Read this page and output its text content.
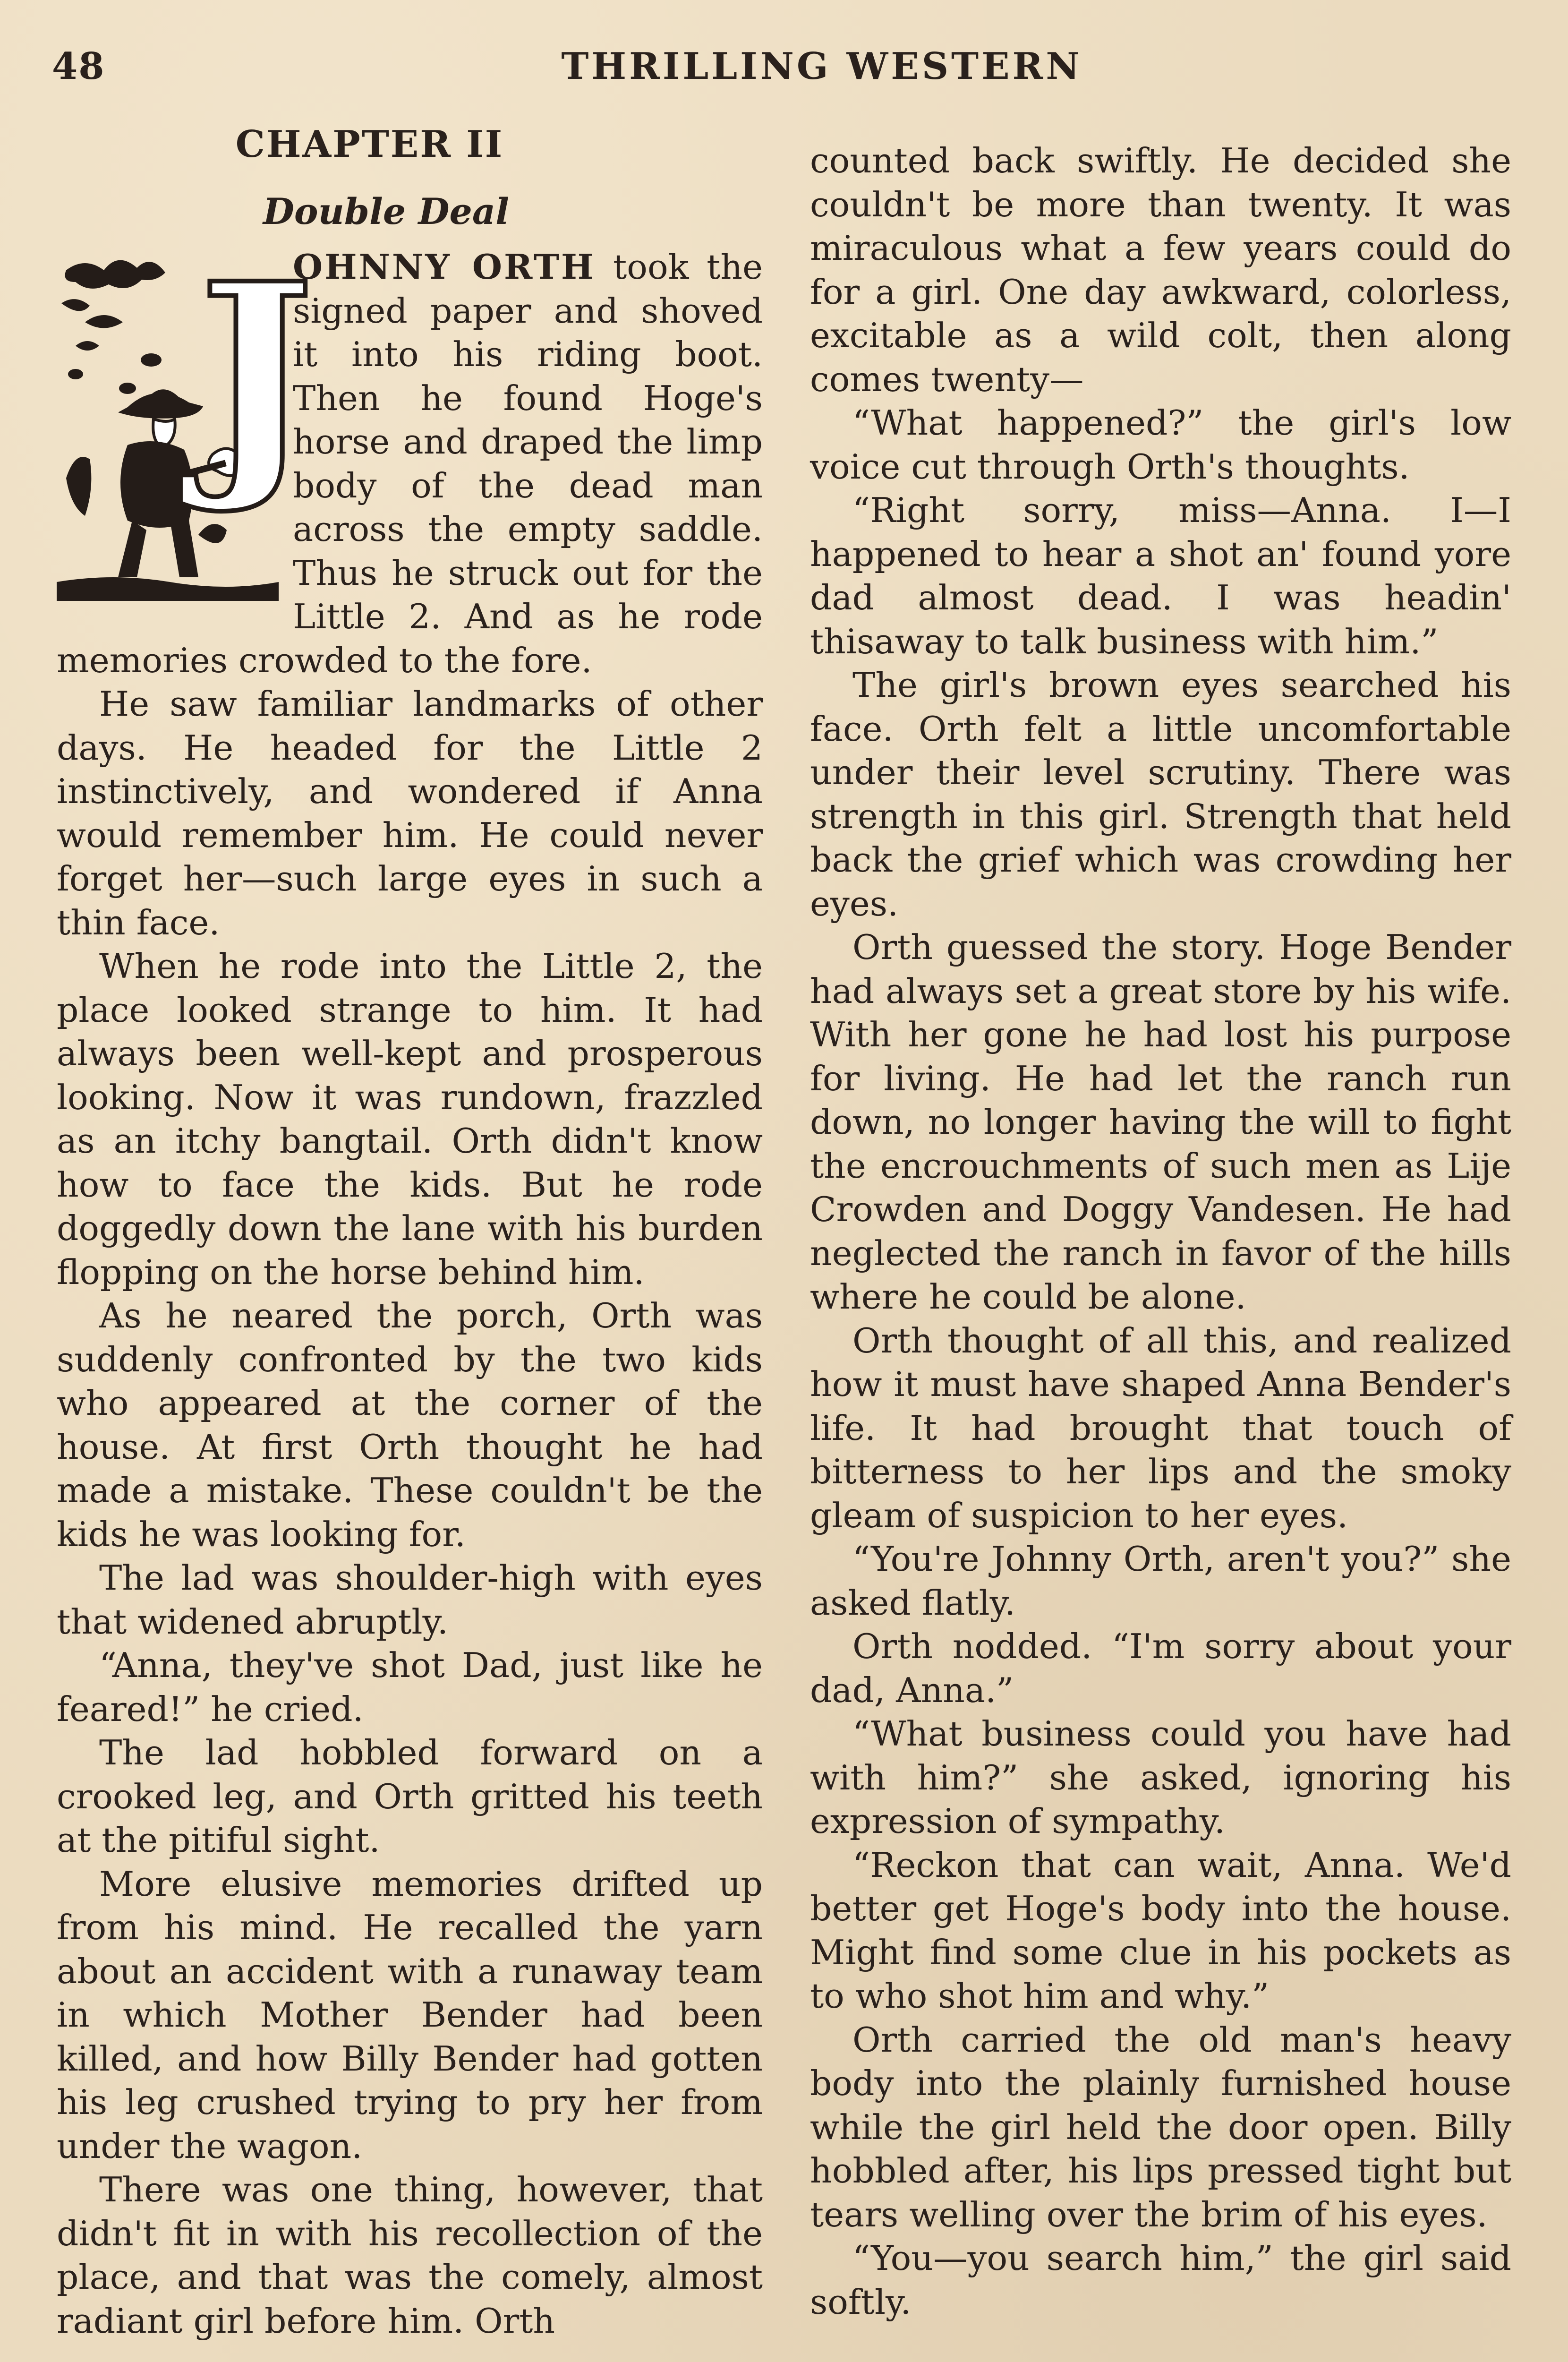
48	THRILLING WESTERN
CHAPTER II
Double Deal
J

OHNNY ORTH took the signed paper and shoved it into his riding boot. Then he found Hoge's horse and draped the limp body of the dead man across the empty saddle. Thus he struck out for the Little 2. And as he rode memories crowded to the fore.

He saw familiar landmarks of other days. He headed for the Little 2 instinctively, and wondered if Anna would remember him. He could never forget her—such large eyes in such a thin face.

When he rode into the Little 2, the place looked strange to him. It had always been well-kept and prosperous looking. Now it was rundown, frazzled as an itchy bangtail. Orth didn't know how to face the kids. But he rode doggedly down the lane with his burden flopping on the horse behind him.

As he neared the porch, Orth was suddenly confronted by the two kids who appeared at the corner of the house. At first Orth thought he had made a mistake. These couldn't be the kids he was looking for.

The lad was shoulder-high with eyes that widened abruptly.

“Anna, they've shot Dad, just like he feared!” he cried.

The lad hobbled forward on a crooked leg, and Orth gritted his teeth at the pitiful sight.

More elusive memories drifted up from his mind. He recalled the yarn about an accident with a runaway team in which Mother Bender had been killed, and how Billy Bender had gotten his leg crushed trying to pry her from under the wagon.

There was one thing, however, that didn't fit in with his recollection of the place, and that was the comely, almost radiant girl before him. Orth

counted back swiftly. He decided she couldn't be more than twenty. It was miraculous what a few years could do for a girl. One day awkward, colorless, excitable as a wild colt, then along comes twenty—

“What happened?” the girl's low voice cut through Orth's thoughts.

“Right sorry, miss—Anna. I—I happened to hear a shot an' found yore dad almost dead. I was headin' thisaway to talk business with him.”

The girl's brown eyes searched his face. Orth felt a little uncomfortable under their level scrutiny. There was strength in this girl. Strength that held back the grief which was crowding her eyes.

Orth guessed the story. Hoge Bender had always set a great store by his wife. With her gone he had lost his purpose for living. He had let the ranch run down, no longer having the will to fight the encrouchments of such men as Lije Crowden and Doggy Vandesen. He had neglected the ranch in favor of the hills where he could be alone.

Orth thought of all this, and realized how it must have shaped Anna Bender's life. It had brought that touch of bitterness to her lips and the smoky gleam of suspicion to her eyes.

“You're Johnny Orth, aren't you?” she asked flatly.

Orth nodded. “I'm sorry about your dad, Anna.”

“What business could you have had with him?” she asked, ignoring his expression of sympathy.

“Reckon that can wait, Anna. We'd better get Hoge's body into the house. Might find some clue in his pockets as to who shot him and why.”

Orth carried the old man's heavy body into the plainly furnished house while the girl held the door open. Billy hobbled after, his lips pressed tight but tears welling over the brim of his eyes.

“You—you search him,” the girl said softly.
